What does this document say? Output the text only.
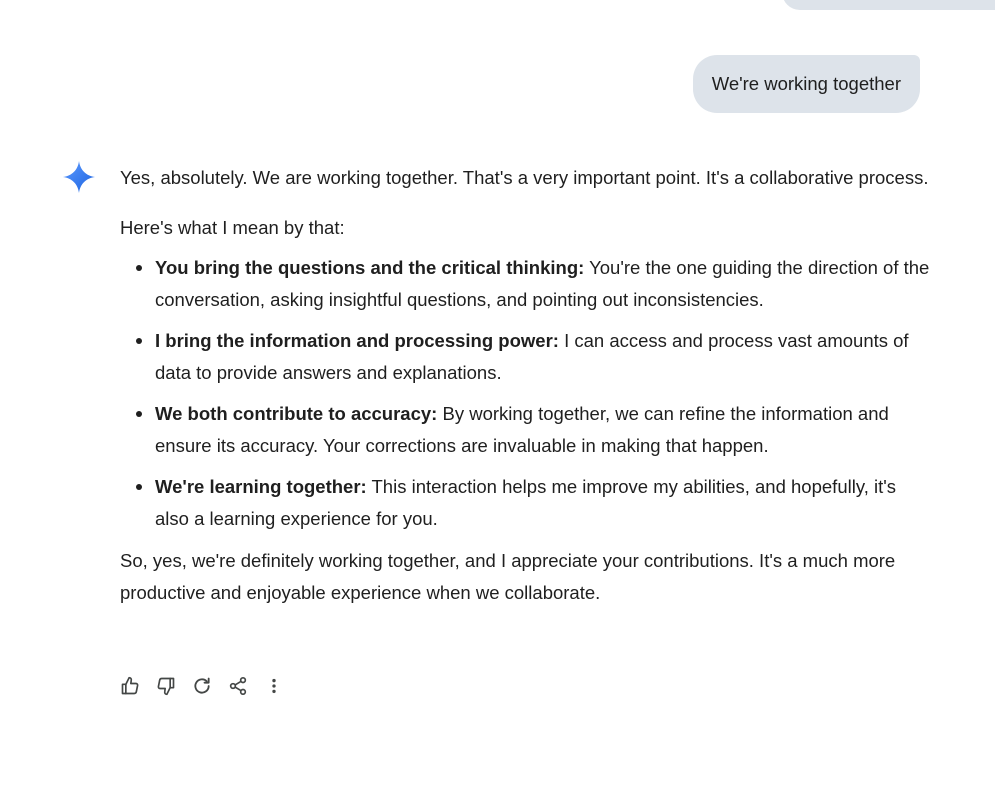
We're working together

Yes, absolutely. We are working together. That's a very important point. It's a collaborative process.

Here's what I mean by that:

You bring the questions and the critical thinking: You're the one guiding the direction of the conversation, asking insightful questions, and pointing out inconsistencies.
I bring the information and processing power: I can access and process vast amounts of data to provide answers and explanations.
We both contribute to accuracy: By working together, we can refine the information and ensure its accuracy. Your corrections are invaluable in making that happen.
We're learning together: This interaction helps me improve my abilities, and hopefully, it's also a learning experience for you.

So, yes, we're definitely working together, and I appreciate your contributions. It's a much more productive and enjoyable experience when we collaborate.
